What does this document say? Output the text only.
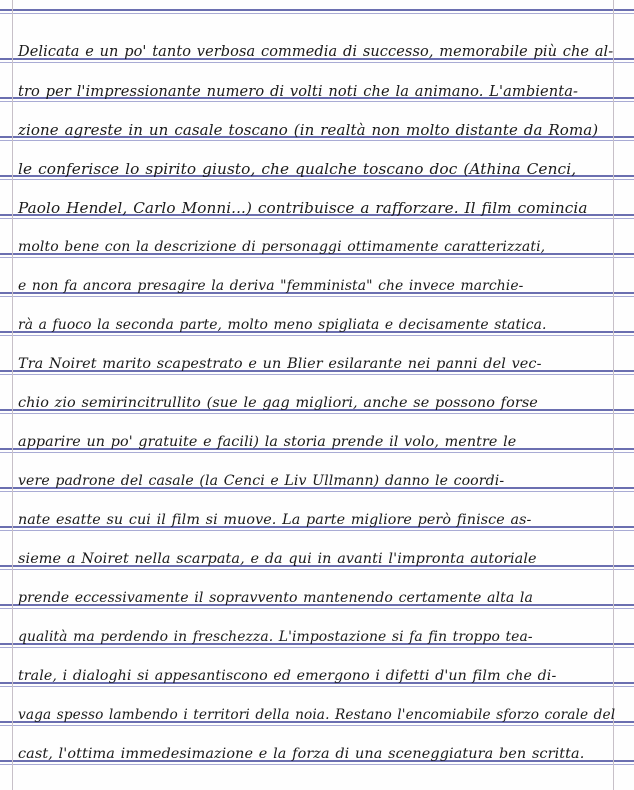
Delicata e un po' tanto verbosa commedia di successo, memorabile più che al-
tro per l'impressionante numero di volti noti che la animano. L'ambienta-
zione agreste in un casale toscano (in realtà non molto distante da Roma)
le conferisce lo spirito giusto, che qualche toscano doc (Athina Cenci,
Paolo Hendel, Carlo Monni...) contribuisce a rafforzare. Il film comincia
molto bene con la descrizione di personaggi ottimamente caratterizzati,
e non fa ancora presagire la deriva "femminista" che invece marchie-
rà a fuoco la seconda parte, molto meno spigliata e decisamente statica.
Tra Noiret marito scapestrato e un Blier esilarante nei panni del vec-
chio zio semirincitrullito (sue le gag migliori, anche se possono forse
apparire un po' gratuite e facili) la storia prende il volo, mentre le
vere padrone del casale (la Cenci e Liv Ullmann) danno le coordi-
nate esatte su cui il film si muove. La parte migliore però finisce as-
sieme a Noiret nella scarpata, e da qui in avanti l'impronta autoriale
prende eccessivamente il sopravvento mantenendo certamente alta la
qualità ma perdendo in freschezza. L'impostazione si fa fin troppo tea-
trale, i dialoghi si appesantiscono ed emergono i difetti d'un film che di-
vaga spesso lambendo i territori della noia. Restano l'encomiabile sforzo corale del
cast, l'ottima immedesimazione e la forza di una sceneggiatura ben scritta.
